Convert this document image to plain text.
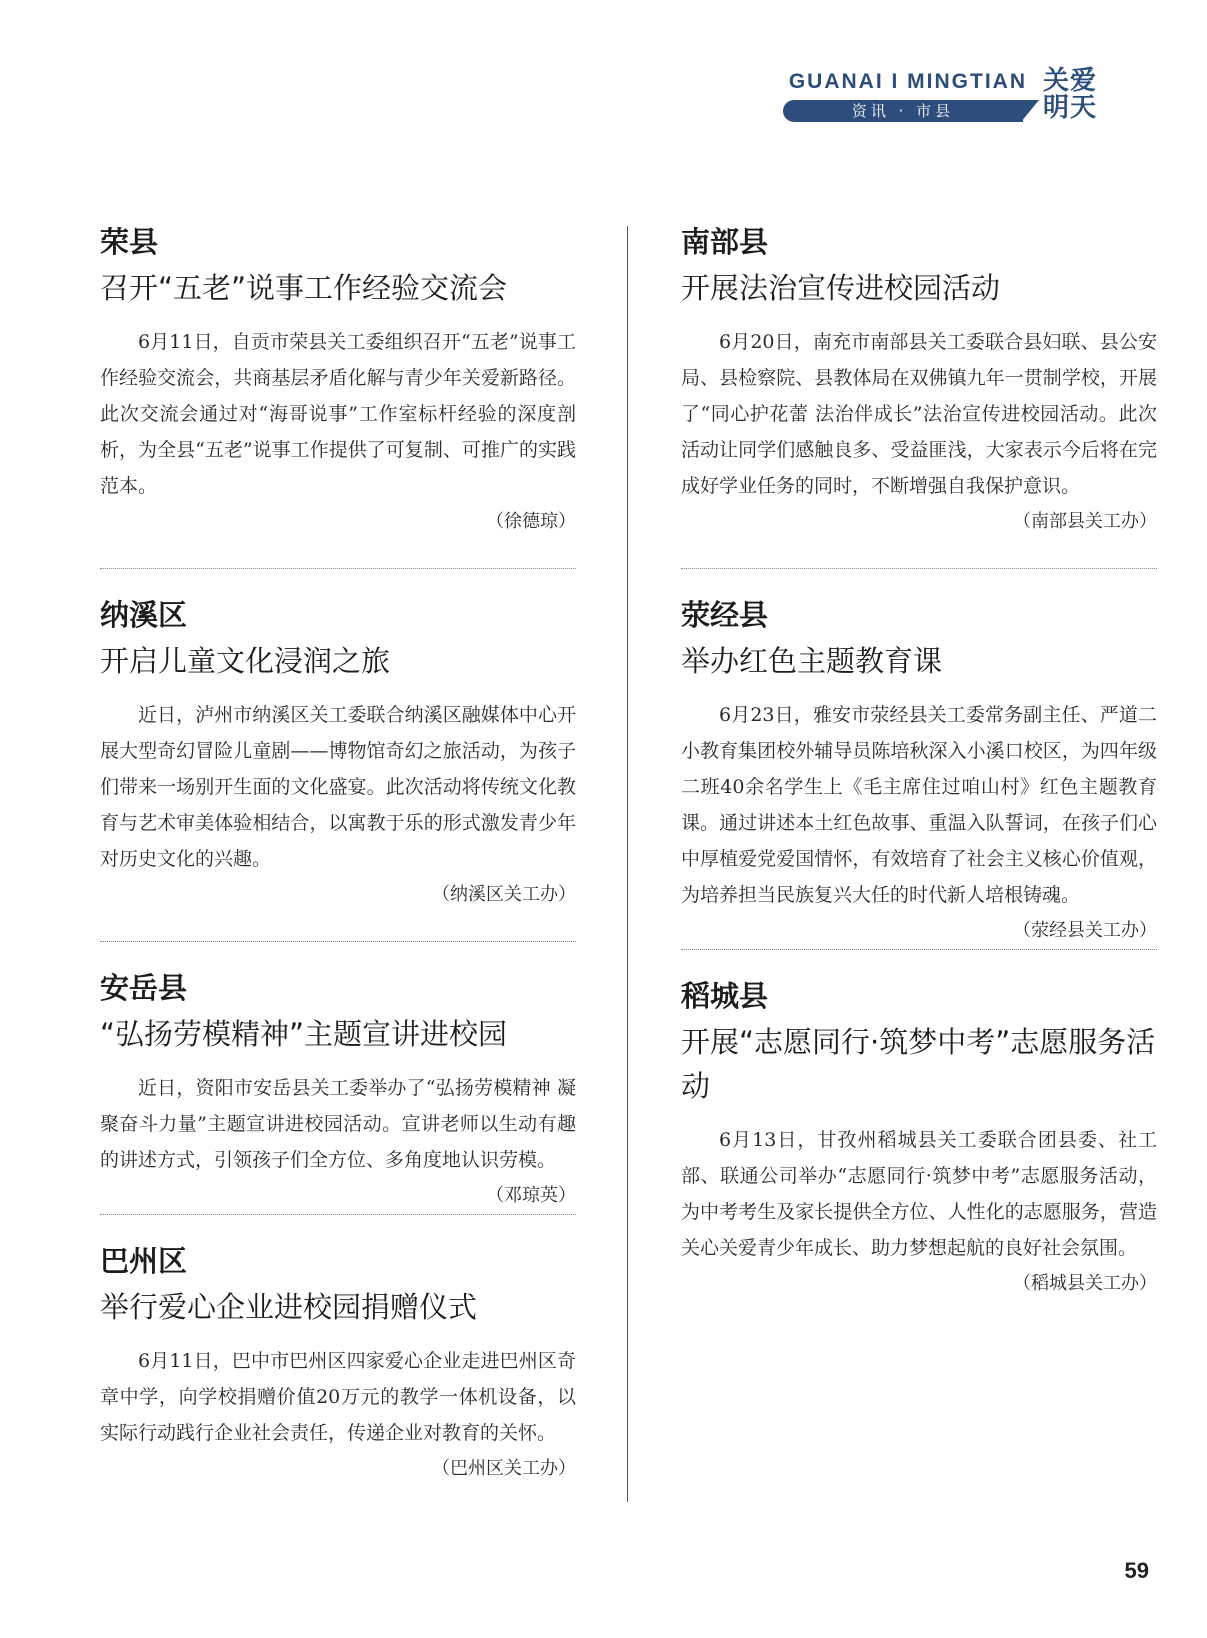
GUANAI I MINGTIAN
资讯 · 市县
关爱
明天
荣县
召开“五老”说事工作经验交流会

6月11日，自贡市荣县关工委组织召开“五老”说事工作经验交流会，共商基层矛盾化解与青少年关爱新路径。此次交流会通过对“海哥说事”工作室标杆经验的深度剖析，为全县“五老”说事工作提供了可复制、可推广的实践范本。

（徐德琼）

纳溪区
开启儿童文化浸润之旅

近日，泸州市纳溪区关工委联合纳溪区融媒体中心开展大型奇幻冒险儿童剧——博物馆奇幻之旅活动，为孩子们带来一场别开生面的文化盛宴。此次活动将传统文化教育与艺术审美体验相结合，以寓教于乐的形式激发青少年对历史文化的兴趣。

（纳溪区关工办）

安岳县
“弘扬劳模精神”主题宣讲进校园

近日，资阳市安岳县关工委举办了“弘扬劳模精神 凝聚奋斗力量”主题宣讲进校园活动。宣讲老师以生动有趣的讲述方式，引领孩子们全方位、多角度地认识劳模。
（邓琼英）

巴州区
举行爱心企业进校园捐赠仪式

6月11日，巴中市巴州区四家爱心企业走进巴州区奇章中学，向学校捐赠价值20万元的教学一体机设备，以实际行动践行企业社会责任，传递企业对教育的关怀。
（巴州区关工办）

南部县
开展法治宣传进校园活动

6月20日，南充市南部县关工委联合县妇联、县公安局、县检察院、县教体局在双佛镇九年一贯制学校，开展了“同心护花蕾 法治伴成长”法治宣传进校园活动。此次活动让同学们感触良多、受益匪浅，大家表示今后将在完成好学业任务的同时，不断增强自我保护意识。

（南部县关工办）

荥经县
举办红色主题教育课

6月23日，雅安市荥经县关工委常务副主任、严道二小教育集团校外辅导员陈培秋深入小溪口校区，为四年级二班40余名学生上《毛主席住过咱山村》红色主题教育课。通过讲述本土红色故事、重温入队誓词，在孩子们心中厚植爱党爱国情怀，有效培育了社会主义核心价值观，为培养担当民族复兴大任的时代新人培根铸魂。
（荥经县关工办）

稻城县
开展“志愿同行·筑梦中考”志愿服务活动

6月13日，甘孜州稻城县关工委联合团县委、社工部、联通公司举办“志愿同行·筑梦中考”志愿服务活动，为中考考生及家长提供全方位、人性化的志愿服务，营造关心关爱青少年成长、助力梦想起航的良好社会氛围。
（稻城县关工办）

59
